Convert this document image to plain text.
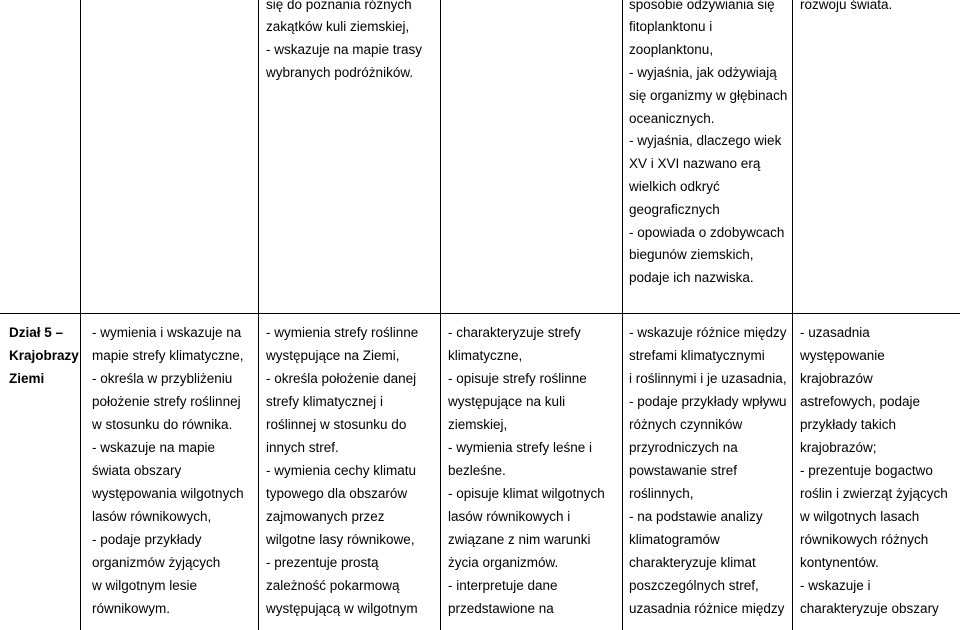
się do poznania różnych
zakątków kuli ziemskiej,
- wskazuje na mapie trasy
wybranych podróżników.
sposobie odżywiania się
fitoplanktonu i
zooplanktonu,
- wyjaśnia, jak odżywiają
się organizmy w głębinach
oceanicznych.
- wyjaśnia, dlaczego wiek
XV i XVI nazwano erą
wielkich odkryć
geograficznych
- opowiada o zdobywcach
biegunów ziemskich,
podaje ich nazwiska.
rozwoju świata.
Dział 5 –
Krajobrazy
Ziemi
- wymienia i wskazuje na
mapie strefy klimatyczne,
- określa w przybliżeniu
położenie strefy roślinnej
w stosunku do równika.
- wskazuje na mapie
świata obszary
występowania wilgotnych
lasów równikowych,
- podaje przykłady
organizmów żyjących
w wilgotnym lesie
równikowym.
- wymienia strefy roślinne
występujące na Ziemi,
- określa położenie danej
strefy klimatycznej i
roślinnej w stosunku do
innych stref.
- wymienia cechy klimatu
typowego dla obszarów
zajmowanych przez
wilgotne lasy równikowe,
- prezentuje prostą
zależność pokarmową
występującą w wilgotnym
- charakteryzuje strefy
klimatyczne,
- opisuje strefy roślinne
występujące na kuli
ziemskiej,
- wymienia strefy leśne i
bezleśne.
- opisuje klimat wilgotnych
lasów równikowych i
związane z nim warunki
życia organizmów.
- interpretuje dane
przedstawione na
- wskazuje różnice między
strefami klimatycznymi
i roślinnymi i je uzasadnia,
- podaje przykłady wpływu
różnych czynników
przyrodniczych na
powstawanie stref
roślinnych,
- na podstawie analizy
klimatogramów
charakteryzuje klimat
poszczególnych stref,
uzasadnia różnice między
- uzasadnia
występowanie
krajobrazów
astrefowych, podaje
przykłady takich
krajobrazów;
- prezentuje bogactwo
roślin i zwierząt żyjących
w wilgotnych lasach
równikowych różnych
kontynentów.
- wskazuje i
charakteryzuje obszary
